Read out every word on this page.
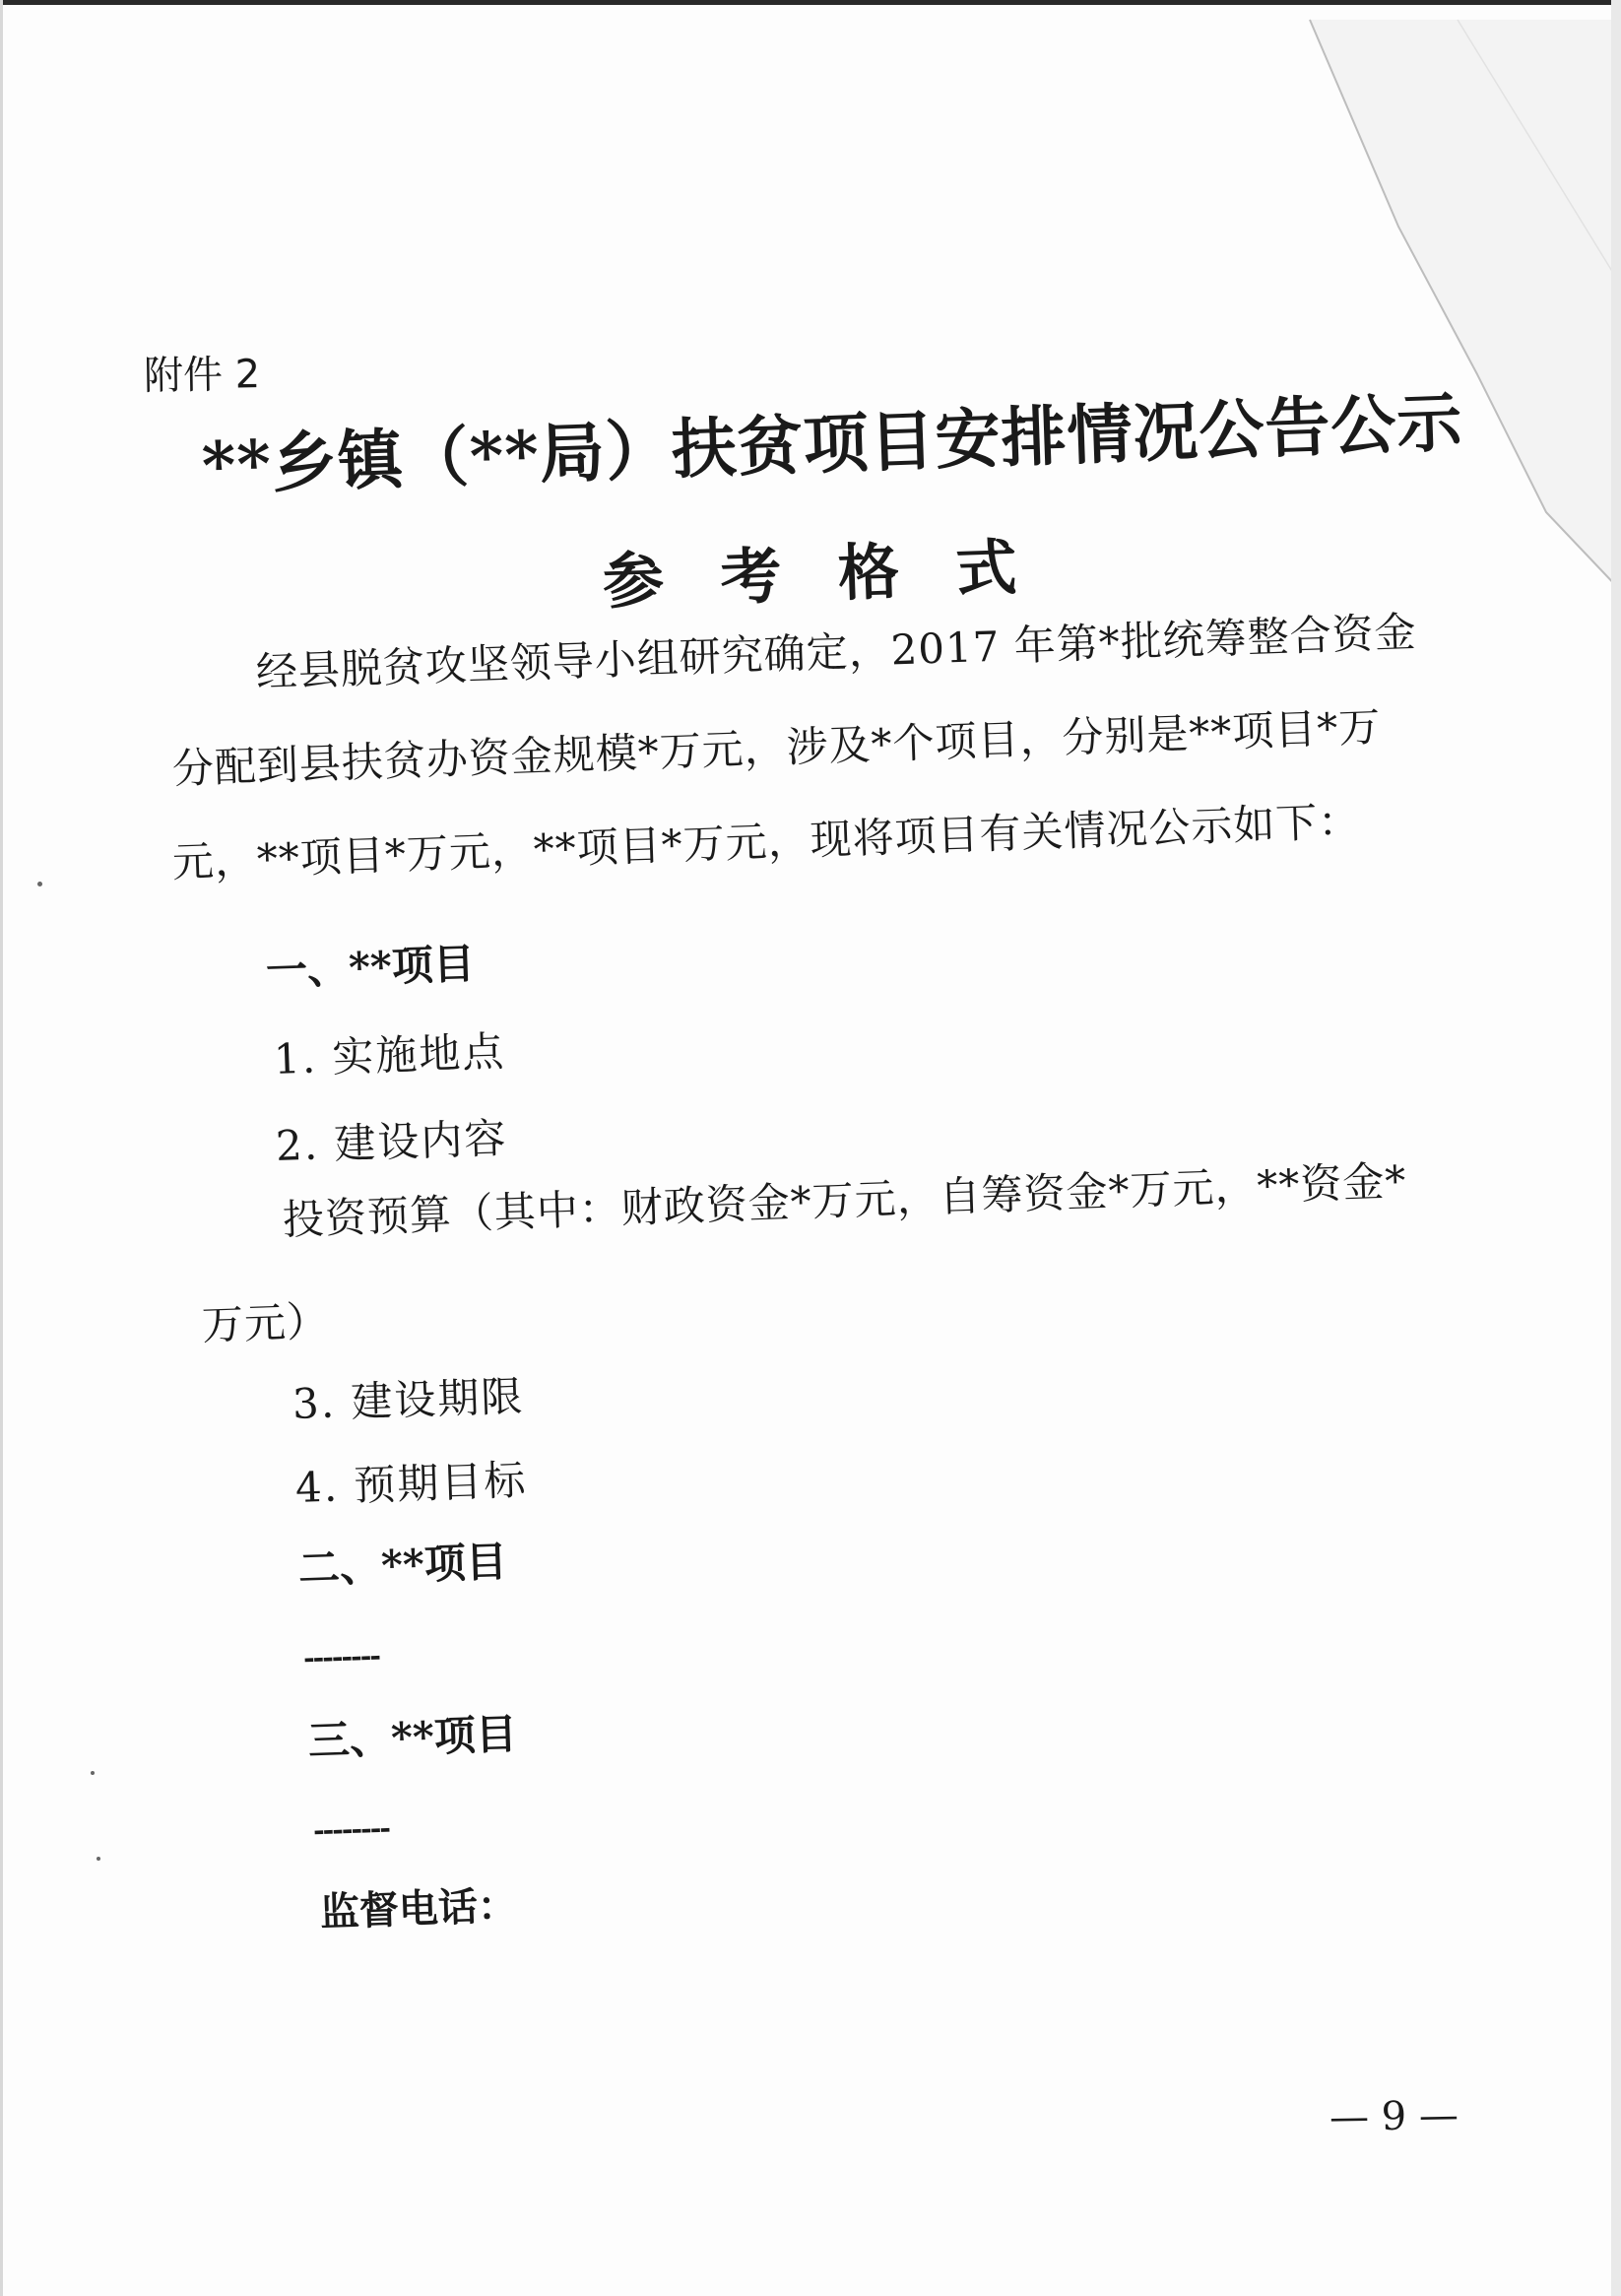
附件 2
**乡镇（**局）扶贫项目安排情况公告公示
参 考 格 式
经县脱贫攻坚领导小组研究确定，2017 年第*批统筹整合资金
分配到县扶贫办资金规模*万元，涉及*个项目，分别是**项目*万
元，**项目*万元，**项目*万元，现将项目有关情况公示如下：
一、**项目
1. 实施地点
2. 建设内容
投资预算（其中：财政资金*万元，自筹资金*万元，**资金*
万元）
3. 建设期限
4. 预期目标
二、**项目
--------
三、**项目
--------
监督电话：
— 9 —
